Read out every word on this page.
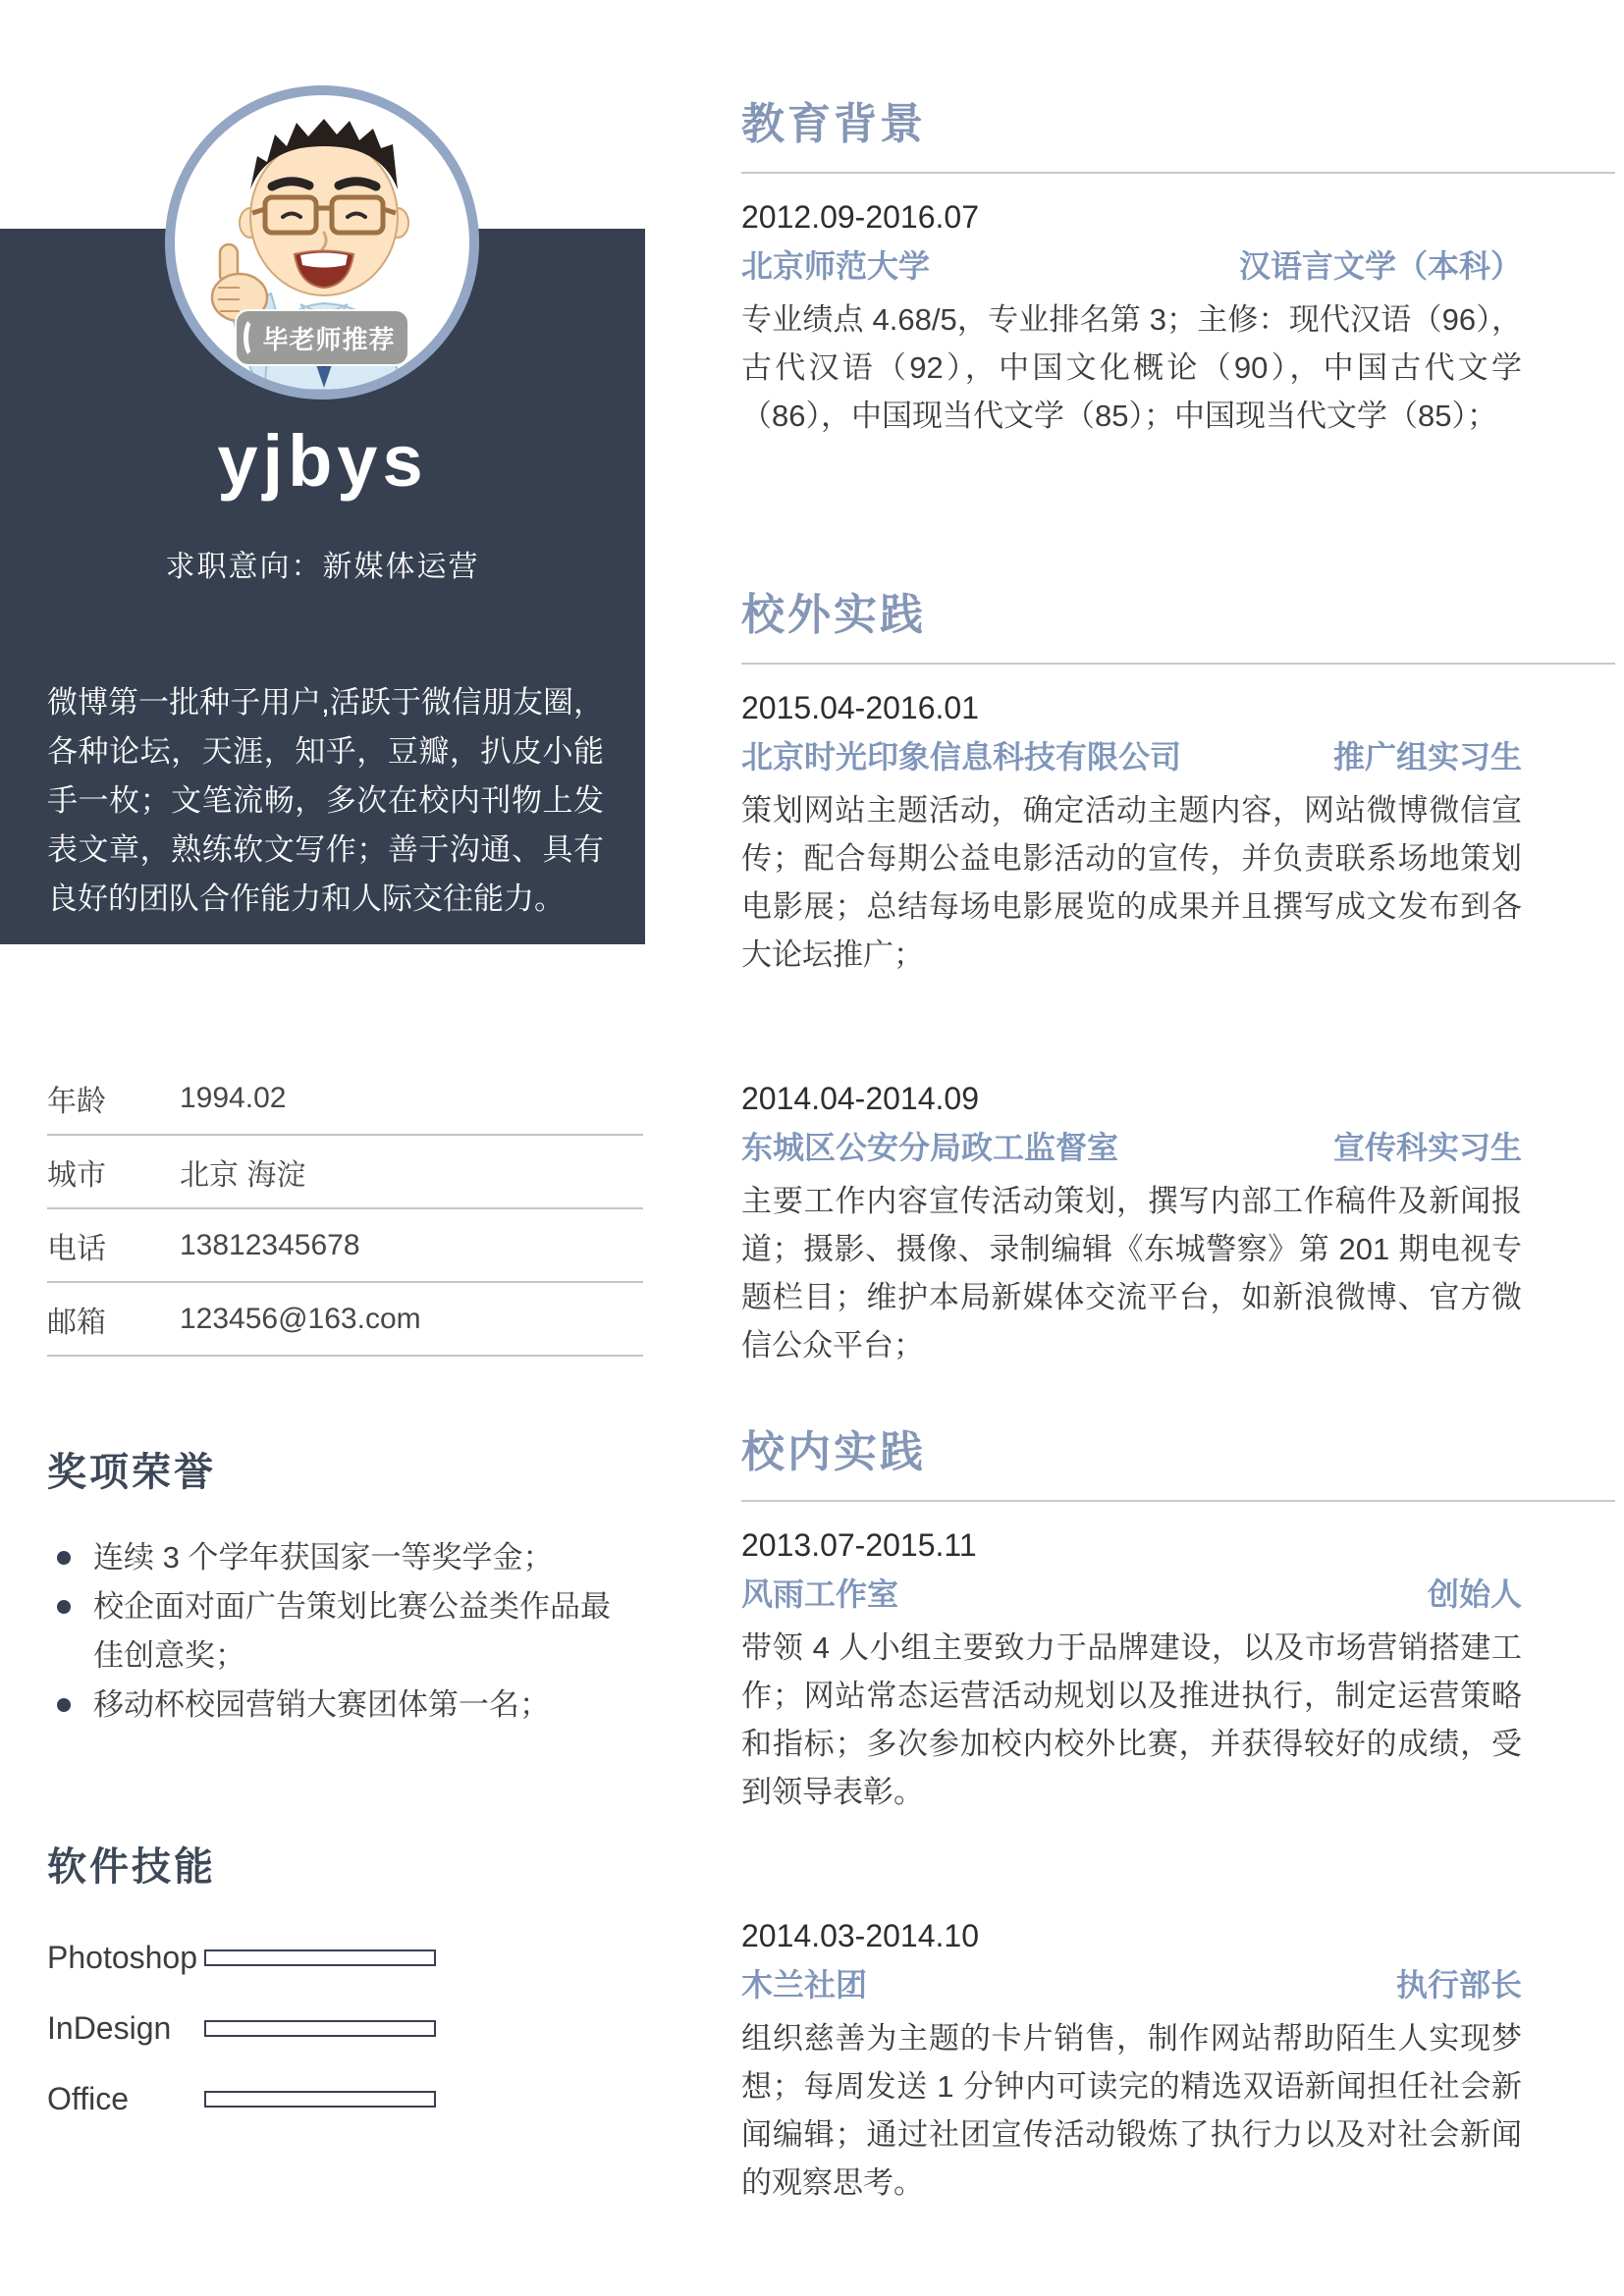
yjbys
求职意向：新媒体运营

微博第一批种子用户,活跃于微信朋友圈，各种论坛，天涯，知乎，豆瓣，扒皮小能手一枚；文笔流畅，多次在校内刊物上发表文章，熟练软文写作；善于沟通、具有良好的团队合作能力和人际交往能力。

毕老师推荐
年龄	1994.02
城市	北京 海淀
电话	13812345678
邮箱	123456@163.com
奖项荣誉
连续 3 个学年获国家一等奖学金；
校企面对面广告策划比赛公益类作品最佳创意奖；
移动杯校园营销大赛团体第一名；
软件技能
Photoshop
InDesign
Office
教育背景
2012.09-2016.07
北京师范大学	汉语言文学（本科）

专业绩点 4.68/5，专业排名第 3；主修：现代汉语（96），古代汉语（92），中国文化概论（90），中国古代文学（86），中国现当代文学（85）；中国现当代文学（85）；

校外实践
2015.04-2016.01
北京时光印象信息科技有限公司	推广组实习生

策划网站主题活动，确定活动主题内容，网站微博微信宣传；配合每期公益电影活动的宣传，并负责联系场地策划电影展；总结每场电影展览的成果并且撰写成文发布到各大论坛推广；

2014.04-2014.09
东城区公安分局政工监督室	宣传科实习生

主要工作内容宣传活动策划，撰写内部工作稿件及新闻报道；摄影、摄像、录制编辑《东城警察》第 201 期电视专题栏目；维护本局新媒体交流平台，如新浪微博、官方微信公众平台；

校内实践
2013.07-2015.11
风雨工作室	创始人

带领 4 人小组主要致力于品牌建设，以及市场营销搭建工作；网站常态运营活动规划以及推进执行，制定运营策略和指标；多次参加校内校外比赛，并获得较好的成绩，受到领导表彰。

2014.03-2014.10
木兰社团	执行部长

组织慈善为主题的卡片销售，制作网站帮助陌生人实现梦想；每周发送 1 分钟内可读完的精选双语新闻担任社会新闻编辑；通过社团宣传活动锻炼了执行力以及对社会新闻的观察思考。
